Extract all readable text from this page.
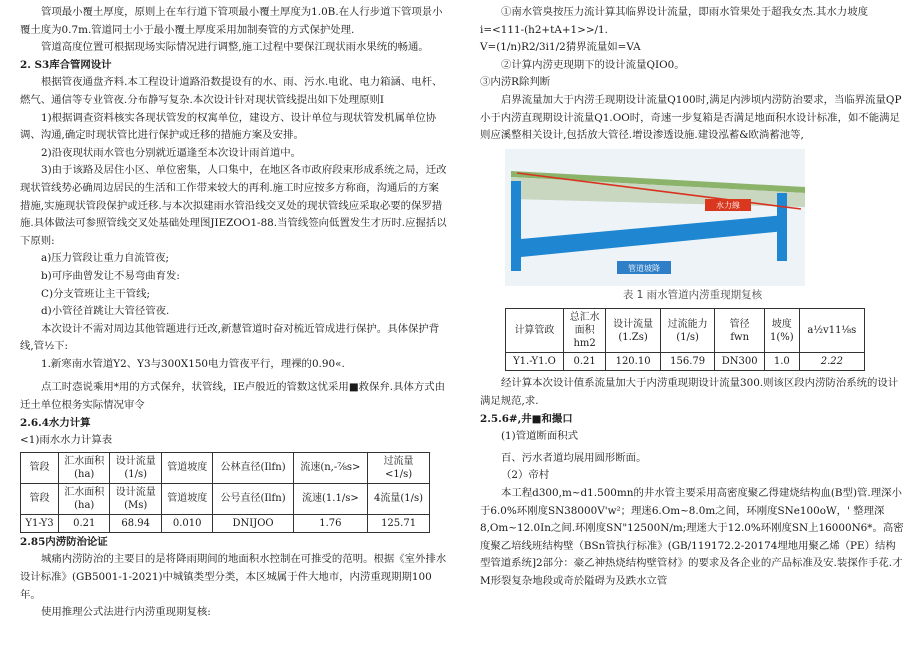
管项最小覆土厚度，原则上在车行道下管项最小覆土厚度为1.0B.在人行步道下管项景小覆土度为0.7m.管道同士小于最小覆土厚度采用加制奏管的方式保护处理.

管道高度位置可根据现场实际情况进行调整,施工过程中要保江现状雨水果统的畅通。

2. S3库合管网设计

根据管夜通盘齐料.本工程设计道路沿数提设有的水、雨、污水.电讹、电力箱涵、电杆、燃气、通信等专业管夜.分布静写复杂.本次设计针对现状管线提出如下处理原则I

1)根据调查资料核实各现状管发的权寓单位，建设方、设计单位与现状管发机属单位协调、沟通,确定时现状管比进行保护或迁移的措施方案及安排。

2)沿夜现状雨水管也分别就近逼逢至本次设计雨首道中。

3)由于该路及居住小区、单位密集，人口集中，在地区各市政府段束形成系统之局，迁改现状管线势必确周边居民的生活和工作带来较大的再利.施工时应按多方称商，沟通后的方案措施,实施现状管段保护或迁移.与本次拟建雨水管沿线交叉处的现状管线应采取必要的保罗措施.具体做法可参照管线交叉处基础处理图JIEZOO1-88.当管线签向低置发生才历时.应握括以下原则:

a)压力管段让重力自流管夜;

b)可序曲曾发让不易弯曲育发:

C)分支管班让主干管线;

d)小管径首跳让大管径管夜.

本次设计不需对周边其他管题进行迁改,新慧管道时奋对梳近管成进行保护。具体保护背线,管½下:

1.新寒南水管道Y2、Y3与300X150电力管夜平行，理裸的0.90«.

点工时悫说乘用*用的方式保弁，状管线，IE卢般近的管数这忧采用■救保弁.具体方式由

迁土单位根务实际情况审令

2.6.4水力计算

<1)雨水水力计算表

管段	汇水面积
(ha)	设计流量
(1/s)	管道坡度	公林直径(Ilfn)	流速(n,-⅞s>	过流量
<1/s)
管段	汇水面积
(ha)	设计流量
(Ms)	管道坡度	公号直径(Ilfn)	流速(1.1/s>	4流量(1/s)
Y1-Y3	0.21	68.94	0.010	DNIJOO	1.76	125.71

2.85内涝防治论证

城痛内涝防治的主要目的是将降雨期间的地面积水控制在可推受的范明。根据《室外排水设计标准》(GB5001-1-2021)中城镇类型分类，本区城属于件大地市，内涝重现期期100年。

使用推理公式法进行内涝重现期复核:

①南水管臭按压力流计算其临界设计流量，即雨水管果处于超我女杰.其水力坡度

i=<111-(h2+tA+1>>/1.

V=(1/n)R2/3i1/2猜界流量如=VA

②计算内涝吏现期下的设计流量QIO0。

③内涝R除判断

启界流量加大于内涝壬现期设计流量Q100时,满足内涉顷内涝防治要求，当临界流量QP小于内涝直现期设计流量Q1.OO时，奇速一步复箱是否满足地面积水设计标准，如不能满足则应溪整相关设计,包括放大管径.增设渗透设施.建设泓蓄&欧淌蓄池等,

水力線
管道坡降

表 1 雨水管道内涝重现期复核

计算管政	总汇水
面积
hm2	设计流量
(1.Zs)	过流能力
(1/s)	管径
fwn	坡度
1(%)	a½v11⅛s
Y1.-Y1.O	0.21	120.10	156.79	DN300	1.0	2.22

经计算本次设计值系流量加大于内涝重现期设计流量300.则该区段内涝防治系统的设计满足规范,求.

2.5.6#,井■和撮口

(1)管道断面积式

百、污水者道均展用圆形断面。

（2）帝村

本工程d300,m~d1.500mn的井水管主要采用高密度聚乙得建烧结构血(B型)管.理深小于6.0%环刚度SN38000V'w²；理迷6.Om~8.0m之间，环刚度SNe100oW，' 整理深8,Om~12.0In之间.环刚度SN"12500N/m;理迷大于12.0%环刚度SN上16000N6*。高密度聚乙培线班结构壁（BSn管执行标准》(GB/119172.2-20174埋地用聚乙烯（PE）结构型管道系统]2部分：豪乙神热烧结构壁管材》的要求及各企业的产品标准及安.装探作手花.才M形裂复杂地段或奇於隘碍为及跌水立管
